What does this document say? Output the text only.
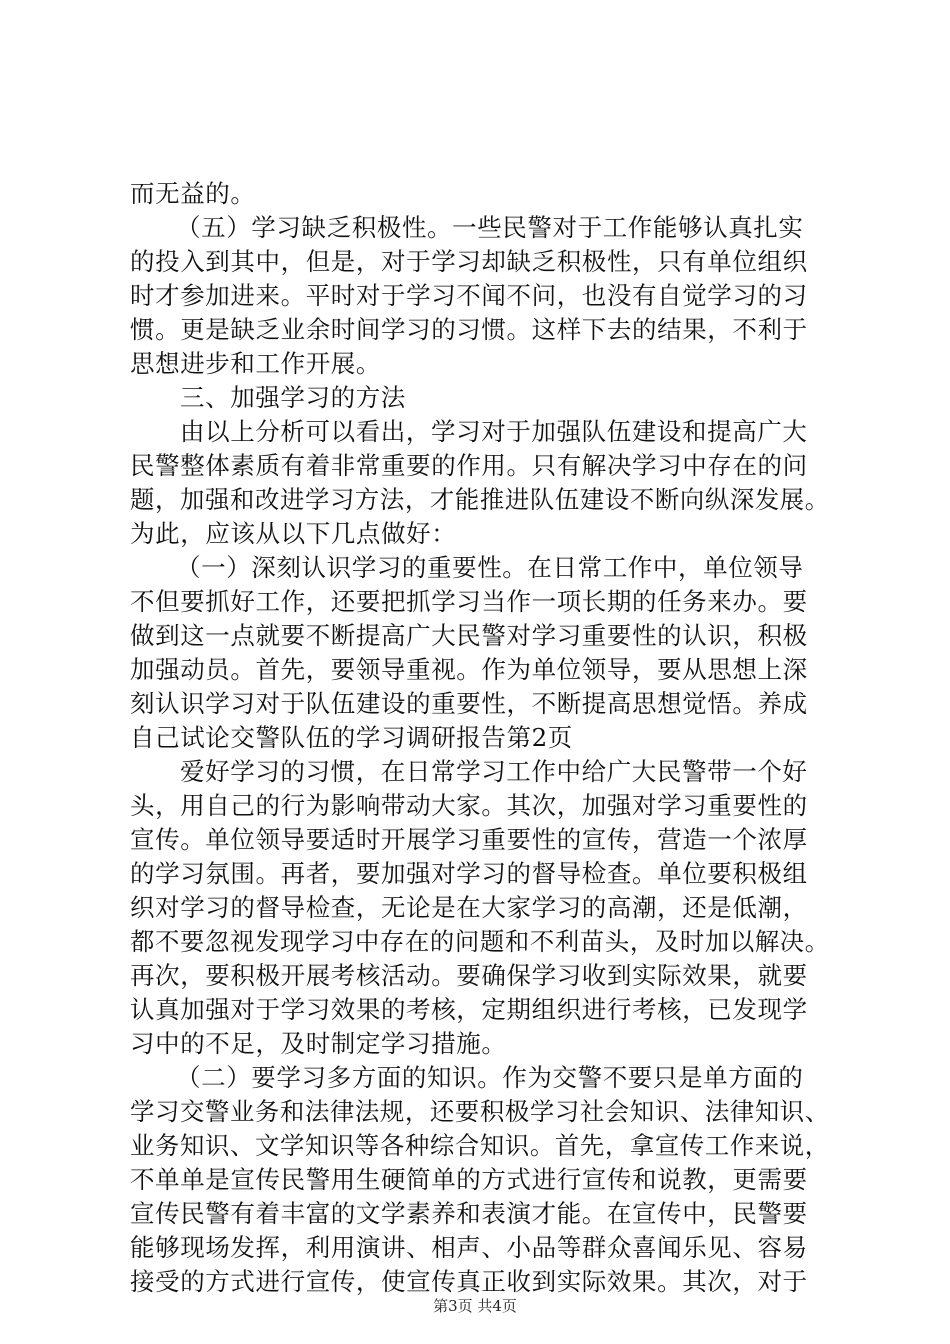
而无益的。
（五）学习缺乏积极性。一些民警对于工作能够认真扎实
的投入到其中，但是，对于学习却缺乏积极性，只有单位组织
时才参加进来。平时对于学习不闻不问，也没有自觉学习的习
惯。更是缺乏业余时间学习的习惯。这样下去的结果，不利于
思想进步和工作开展。
三、加强学习的方法
由以上分析可以看出，学习对于加强队伍建设和提高广大
民警整体素质有着非常重要的作用。只有解决学习中存在的问
题，加强和改进学习方法，才能推进队伍建设不断向纵深发展。
为此，应该从以下几点做好：
（一）深刻认识学习的重要性。在日常工作中，单位领导
不但要抓好工作，还要把抓学习当作一项长期的任务来办。要
做到这一点就要不断提高广大民警对学习重要性的认识，积极
加强动员。首先，要领导重视。作为单位领导，要从思想上深
刻认识学习对于队伍建设的重要性，不断提高思想觉悟。养成
自己试论交警队伍的学习调研报告第2页
爱好学习的习惯，在日常学习工作中给广大民警带一个好
头，用自己的行为影响带动大家。其次，加强对学习重要性的
宣传。单位领导要适时开展学习重要性的宣传，营造一个浓厚
的学习氛围。再者，要加强对学习的督导检查。单位要积极组
织对学习的督导检查，无论是在大家学习的高潮，还是低潮，
都不要忽视发现学习中存在的问题和不利苗头，及时加以解决。
再次，要积极开展考核活动。要确保学习收到实际效果，就要
认真加强对于学习效果的考核，定期组织进行考核，已发现学
习中的不足，及时制定学习措施。
（二）要学习多方面的知识。作为交警不要只是单方面的
学习交警业务和法律法规，还要积极学习社会知识、法律知识、
业务知识、文学知识等各种综合知识。首先，拿宣传工作来说，
不单单是宣传民警用生硬简单的方式进行宣传和说教，更需要
宣传民警有着丰富的文学素养和表演才能。在宣传中，民警要
能够现场发挥，利用演讲、相声、小品等群众喜闻乐见、容易
接受的方式进行宣传，使宣传真正收到实际效果。其次，对于
第3页 共4页
